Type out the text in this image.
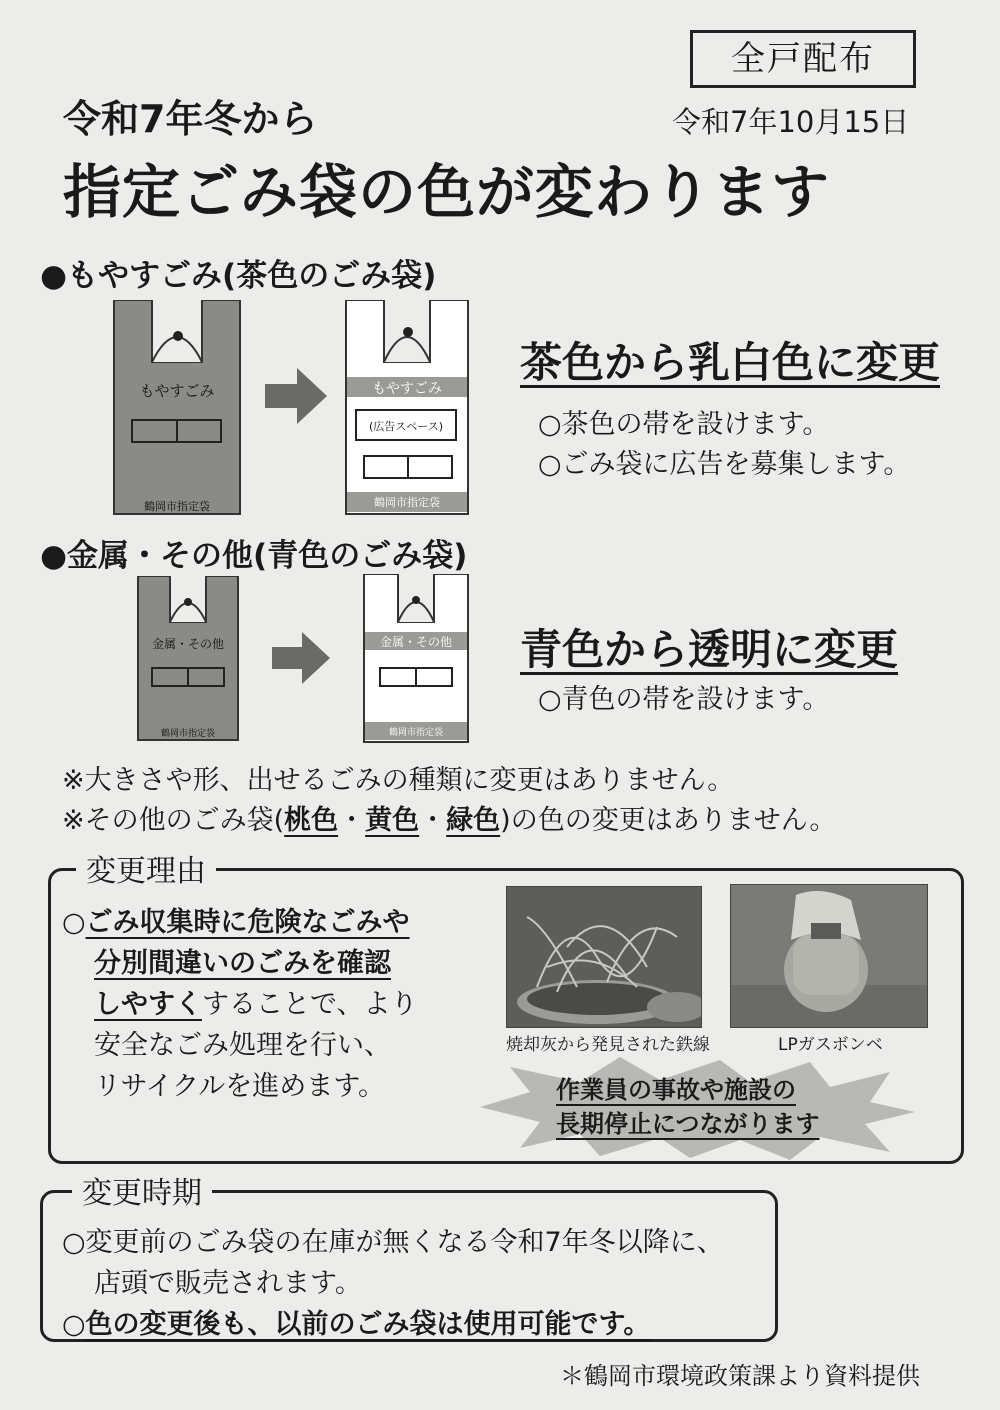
全戸配布
令和7年10月15日
令和7年冬から
指定ごみ袋の色が変わります
●もやすごみ(茶色のごみ袋)
もやすごみ
鶴岡市指定袋
もやすごみ
(広告スペース)
鶴岡市指定袋
茶色から乳白色に変更
○茶色の帯を設けます。
○ごみ袋に広告を募集します。
●金属・その他(青色のごみ袋)
金属・その他
鶴岡市指定袋
金属・その他
鶴岡市指定袋
青色から透明に変更
○青色の帯を設けます。
※大きさや形、出せるごみの種類に変更はありません。
※その他のごみ袋(桃色・黄色・緑色)の色の変更はありません。
変更理由
○ごみ収集時に危険なごみや
分別間違いのごみを確認
しやすくすることで、より
安全なごみ処理を行い、
リサイクルを進めます。
焼却灰から発見された鉄線	LPガスボンベ
作業員の事故や施設の
長期停止につながります
変更時期
○変更前のごみ袋の在庫が無くなる令和7年冬以降に、
店頭で販売されます。
○色の変更後も、以前のごみ袋は使用可能です。
＊鶴岡市環境政策課より資料提供
